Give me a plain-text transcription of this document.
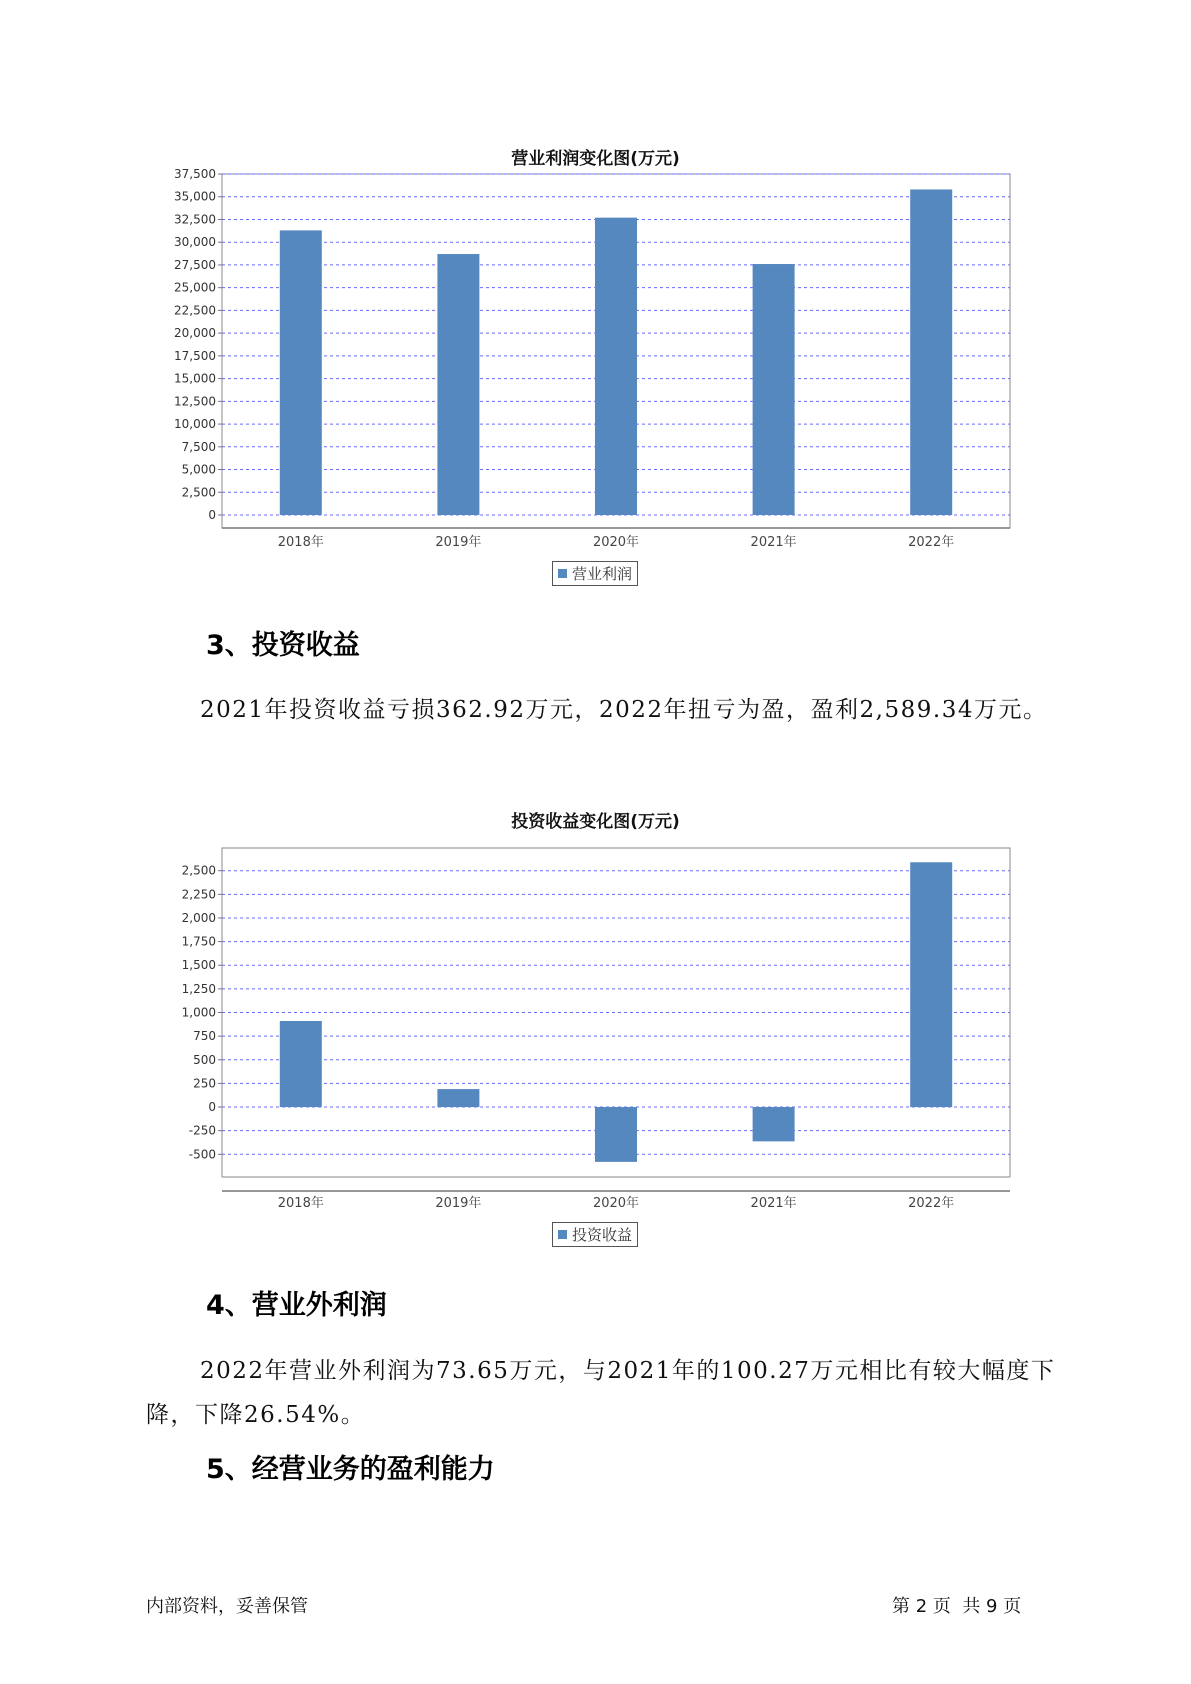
营业利润变化图(万元)
0
2,500
5,000
7,500
10,000
12,500
15,000
17,500
20,000
22,500
25,000
27,500
30,000
32,500
35,000
37,500
2018年	2019年	2020年	2021年	2022年
营业利润
3、投资收益
2021年投资收益亏损362.92万元，2022年扭亏为盈，盈利2,589.34万元。
投资收益变化图(万元)
-500
-250
0
250
500
750
1,000
1,250
1,500
1,750
2,000
2,250
2,500
2018年	2019年	2020年	2021年	2022年
投资收益
4、营业外利润
2022年营业外利润为73.65万元，与2021年的100.27万元相比有较大幅度下降，下降26.54%。
5、经营业务的盈利能力
内部资料，妥善保管	第 2 页  共 9 页
